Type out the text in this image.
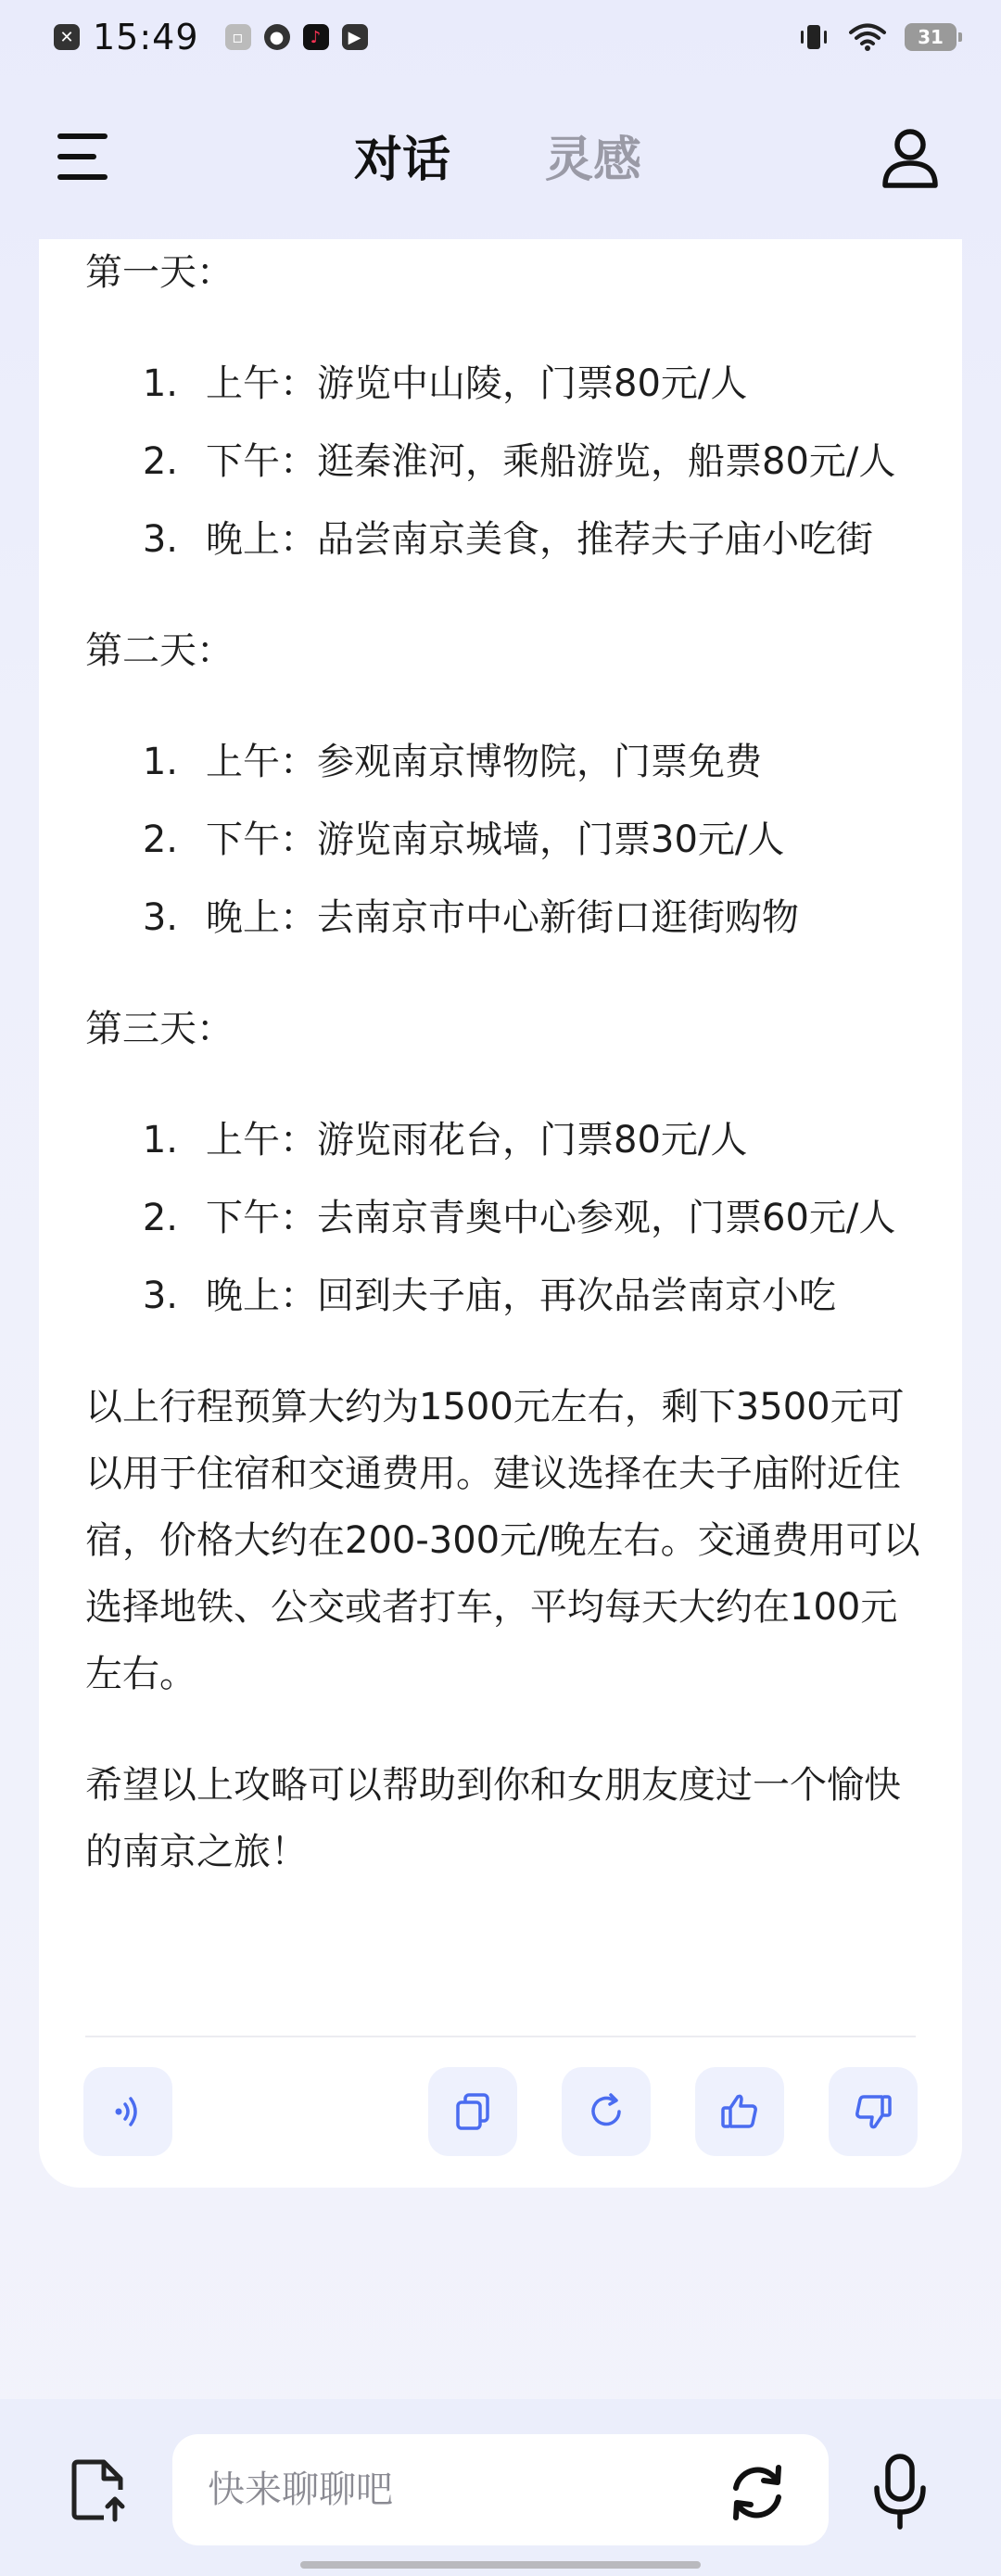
✕ 15:49	▫	●	♪	▶	31
对话 灵感
第一天：
1. 上午：游览中山陵，门票80元/人
2. 下午：逛秦淮河，乘船游览，船票80元/人
3. 晚上：品尝南京美食，推荐夫子庙小吃街
第二天：
1. 上午：参观南京博物院，门票免费
2. 下午：游览南京城墙，门票30元/人
3. 晚上：去南京市中心新街口逛街购物
第三天：
1. 上午：游览雨花台，门票80元/人
2. 下午：去南京青奥中心参观，门票60元/人
3. 晚上：回到夫子庙，再次品尝南京小吃

以上行程预算大约为1500元左右，剩下3500元可以用于住宿和交通费用。建议选择在夫子庙附近住宿，价格大约在200-300元/晚左右。交通费用可以选择地铁、公交或者打车，平均每天大约在100元左右。

希望以上攻略可以帮助到你和女朋友度过一个愉快的南京之旅！

快来聊聊吧
